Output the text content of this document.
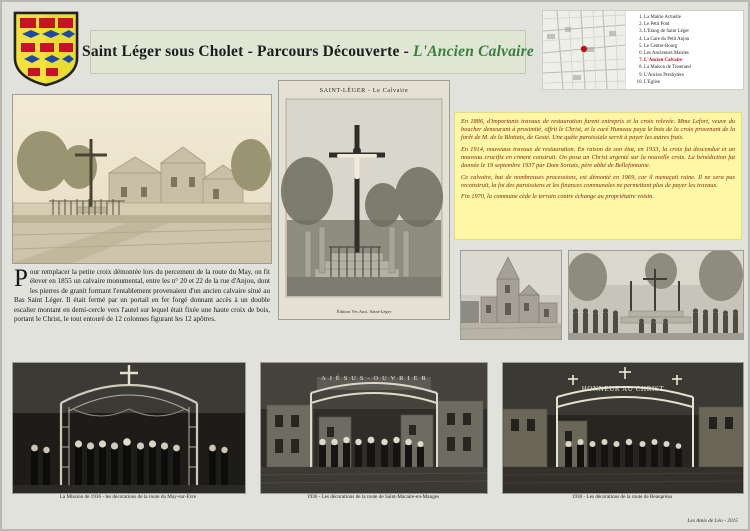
Saint Léger sous Cholet - Parcours Découverte - L'Ancien Calvaire
1. La Mairie Actuelle
2. Le Petit Pont
3. L'Etang de Saint Léger
4. La Gare du Petit Anjou
5. Le Centre-Bourg
6. Les Anciennes Mairies
7. L'Ancien Calvaire
8. La Maison de Tisserand
9. L'Ancien Presbytère
10. L'Eglise
SAINT-LÉGER - Le Calvaire
Édition Ves Auri, Saint-Léger

En 1886, d'importants travaux de restauration furent entrepris et la croix relevée. Mme Lefort, veuve du boucher demeurant à proximité, offrit le Christ, et le curé Humeau paya le bois de la croix provenant de la forêt de M. de la Blottais, de Gesté. Une quête paroissiale servit à payer les autres frais.

En 1914, nouveaux travaux de restauration. En raison de son état, en 1933, la croix fut descendue et un nouveau crucifix en ciment construit. On posa un Christ argenté sur la nouvelle croix. La bénédiction fut donnée le 19 septembre 1937 par Dom Sortais, père abbé de Bellefontaine.

Ce calvaire, but de nombreuses processions, est démonté en 1969, car il menaçait ruine. Il ne sera pas reconstruit, la foi des paroissiens et les finances communales ne permettant plus de payer les travaux.

Fin 1970, la commune cède le terrain contre échange au propriétaire voisin.

La Mission de 1936 - les décorations de la route du May-sur-Evre
A J É S U S - O U V R I E R
1936 - Les décorations de la route de Saint-Macaire-en-Mauges
HONNEUR AU CHRIST
1936 - Les décorations de la route de Beaupréau
Pour remplacer la petite croix démontée lors du percement de la route du May, on fit élever en 1855 un calvaire monumental, entre les n° 20 et 22 de la rue d'Anjou, dont les pierres de granit formant l'entablement provenaient d'un ancien calvaire situé au Bas Saint Léger. Il était fermé par un portail en fer forgé donnant accès à un double escalier montant en demi-cercle vers l'autel sur lequel était fixée une haute croix de bois, portant le Christ, le tout entouré de 12 colonnes figurant les 12 apôtres.
Les Amis de Léo - 2015
